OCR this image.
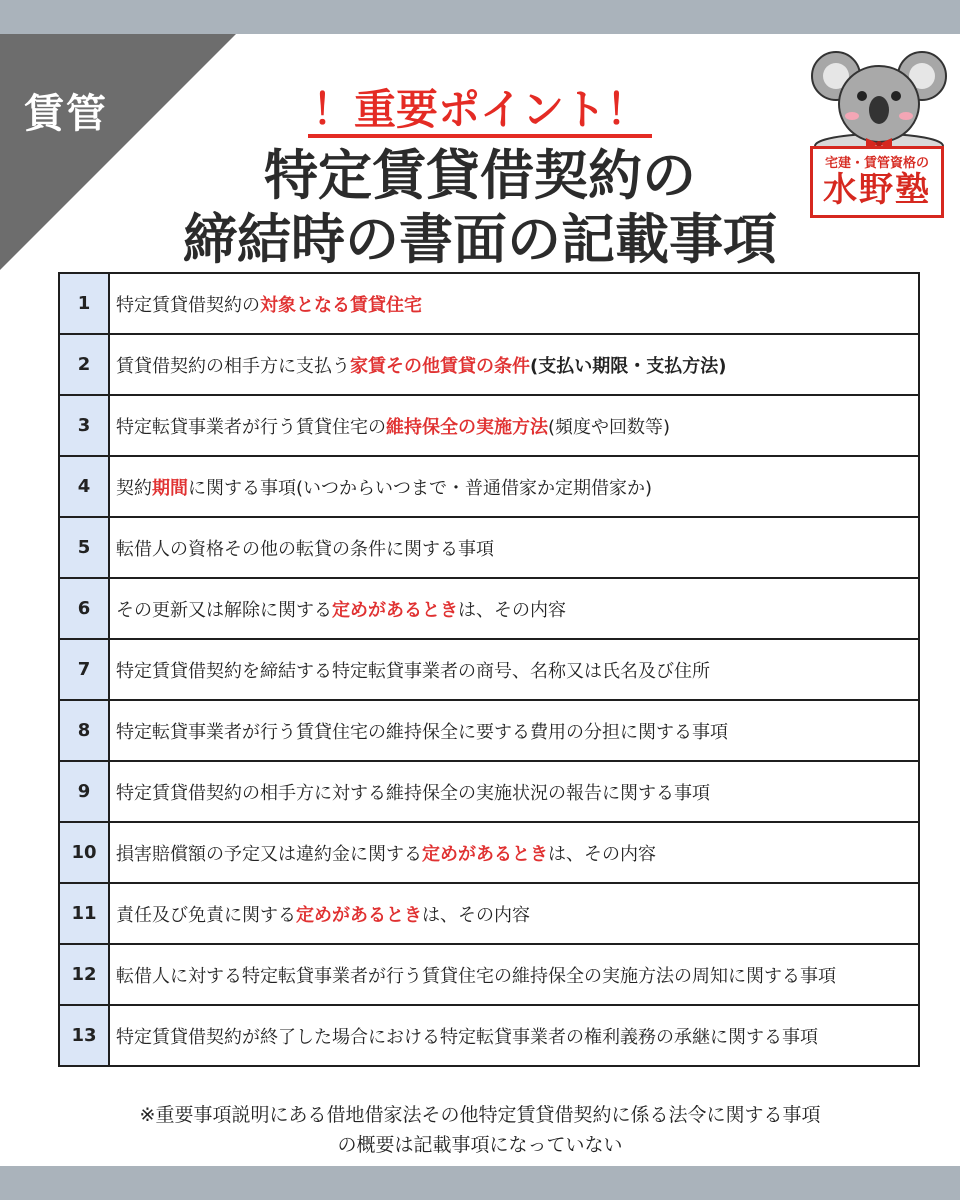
賃管	！重要ポイント！
特定賃貸借契約の
締結時の書面の記載事項
宅建・賃管資格の
水野塾
1	特定賃貸借契約の対象となる賃貸住宅
2	賃貸借契約の相手方に支払う家賃その他賃貸の条件(支払い期限・支払方法)
3	特定転貸事業者が行う賃貸住宅の維持保全の実施方法(頻度や回数等)
4	契約期間に関する事項(いつからいつまで・普通借家か定期借家か)
5	転借人の資格その他の転貸の条件に関する事項
6	その更新又は解除に関する定めがあるときは、その内容
7	特定賃貸借契約を締結する特定転貸事業者の商号、名称又は氏名及び住所
8	特定転貸事業者が行う賃貸住宅の維持保全に要する費用の分担に関する事項
9	特定賃貸借契約の相手方に対する維持保全の実施状況の報告に関する事項
10	損害賠償額の予定又は違約金に関する定めがあるときは、その内容
11	責任及び免責に関する定めがあるときは、その内容
12	転借人に対する特定転貸事業者が行う賃貸住宅の維持保全の実施方法の周知に関する事項
13	特定賃貸借契約が終了した場合における特定転貸事業者の権利義務の承継に関する事項
※重要事項説明にある借地借家法その他特定賃貸借契約に係る法令に関する事項
の概要は記載事項になっていない
